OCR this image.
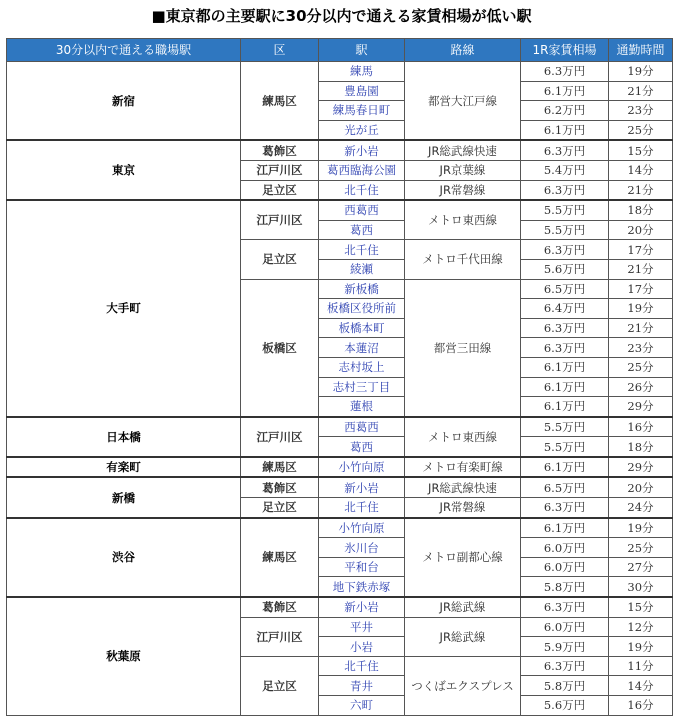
■東京都の主要駅に30分以内で通える家賃相場が低い駅
30分以内で通える職場駅	区	駅	路線	1R家賃相場	通勤時間
新宿	練馬区	練馬	都営大江戸線	6.3万円	19分
		豊島園		6.1万円	21分
		練馬春日町		6.2万円	23分
		光が丘		6.1万円	25分
東京	葛飾区	新小岩	JR総武線快速	6.3万円	15分
	江戸川区	葛西臨海公園	JR京葉線	5.4万円	14分
	足立区	北千住	JR常磐線	6.3万円	21分
大手町	江戸川区	西葛西	メトロ東西線	5.5万円	18分
		葛西		5.5万円	20分
	足立区	北千住	メトロ千代田線	6.3万円	17分
		綾瀬		5.6万円	21分
	板橋区	新板橋	都営三田線	6.5万円	17分
		板橋区役所前		6.4万円	19分
		板橋本町		6.3万円	21分
		本蓮沼		6.3万円	23分
		志村坂上		6.1万円	25分
		志村三丁目		6.1万円	26分
		蓮根		6.1万円	29分
日本橋	江戸川区	西葛西	メトロ東西線	5.5万円	16分
		葛西		5.5万円	18分
有楽町	練馬区	小竹向原	メトロ有楽町線	6.1万円	29分
新橋	葛飾区	新小岩	JR総武線快速	6.5万円	20分
	足立区	北千住	JR常磐線	6.3万円	24分
渋谷	練馬区	小竹向原	メトロ副都心線	6.1万円	19分
		氷川台		6.0万円	25分
		平和台		6.0万円	27分
		地下鉄赤塚		5.8万円	30分
秋葉原	葛飾区	新小岩	JR総武線	6.3万円	15分
	江戸川区	平井	JR総武線	6.0万円	12分
		小岩		5.9万円	19分
	足立区	北千住	つくばエクスプレス	6.3万円	11分
		青井		5.8万円	14分
		六町		5.6万円	16分
